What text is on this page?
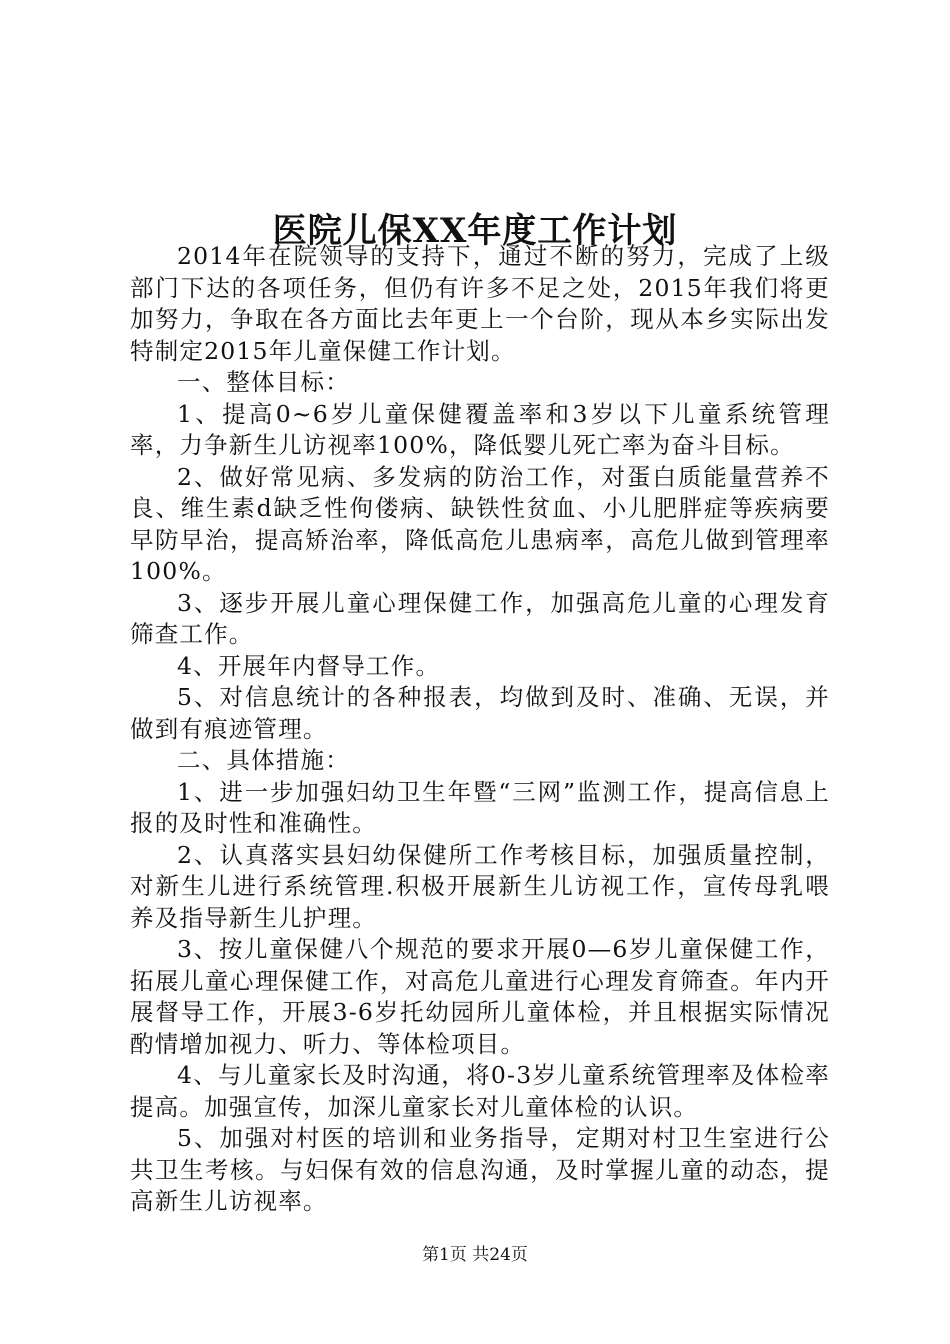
医院儿保XX年度工作计划

2014年在院领导的支持下，通过不断的努力，完成了上级部门下达的各项任务，但仍有许多不足之处，2015年我们将更加努力，争取在各方面比去年更上一个台阶，现从本乡实际出发特制定2015年儿童保健工作计划。

一、整体目标：

1、提高0~6岁儿童保健覆盖率和3岁以下儿童系统管理率，力争新生儿访视率100%，降低婴儿死亡率为奋斗目标。

2、做好常见病、多发病的防治工作，对蛋白质能量营养不良、维生素d缺乏性佝偻病、缺铁性贫血、小儿肥胖症等疾病要早防早治，提高矫治率，降低高危儿患病率，高危儿做到管理率100%。

3、逐步开展儿童心理保健工作，加强高危儿童的心理发育筛查工作。

4、开展年内督导工作。

5、对信息统计的各种报表，均做到及时、准确、无误，并做到有痕迹管理。

二、具体措施：

1、进一步加强妇幼卫生年暨“三网”监测工作，提高信息上报的及时性和准确性。

2、认真落实县妇幼保健所工作考核目标，加强质量控制，对新生儿进行系统管理.积极开展新生儿访视工作，宣传母乳喂养及指导新生儿护理。

3、按儿童保健八个规范的要求开展0—6岁儿童保健工作，拓展儿童心理保健工作，对高危儿童进行心理发育筛查。年内开展督导工作，开展3-6岁托幼园所儿童体检，并且根据实际情况酌情增加视力、听力、等体检项目。

4、与儿童家长及时沟通，将0-3岁儿童系统管理率及体检率提高。加强宣传，加深儿童家长对儿童体检的认识。

5、加强对村医的培训和业务指导，定期对村卫生室进行公共卫生考核。与妇保有效的信息沟通，及时掌握儿童的动态，提高新生儿访视率。

第1页 共24页
